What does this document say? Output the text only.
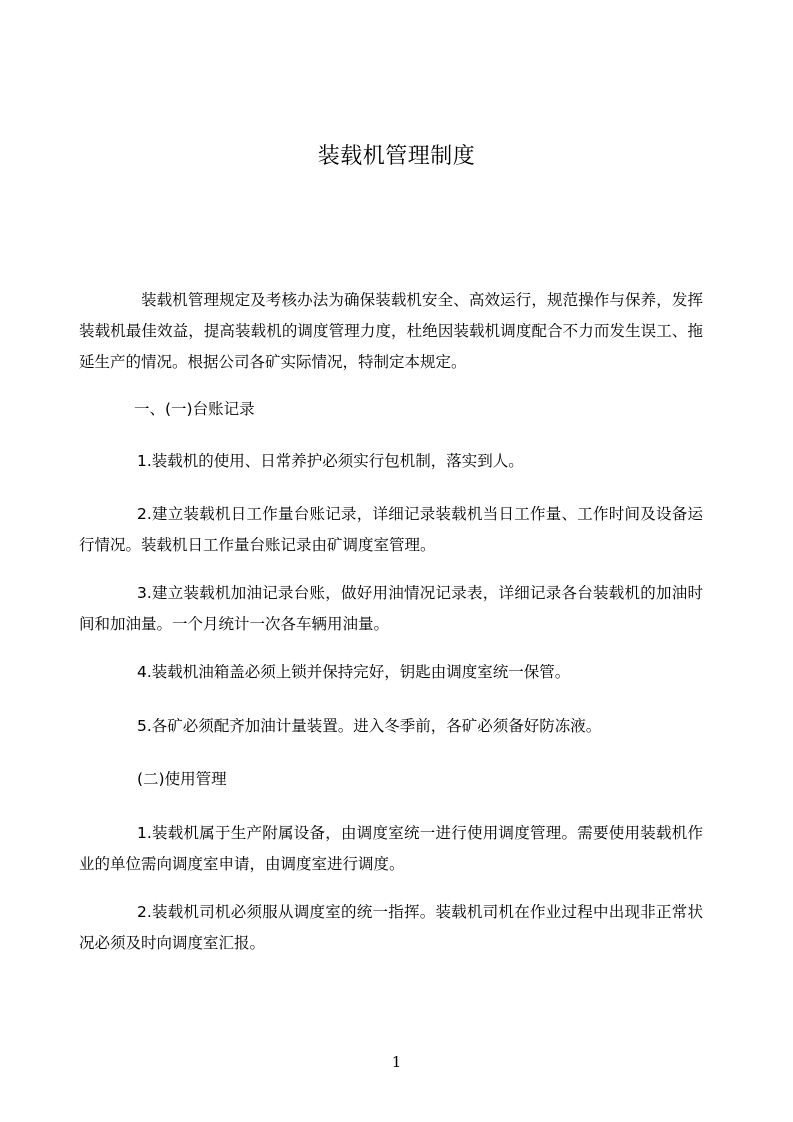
装载机管理制度

装载机管理规定及考核办法为确保装载机安全、高效运行，规范操作与保养，发挥装载机最佳效益，提高装载机的调度管理力度，杜绝因装载机调度配合不力而发生误工、拖延生产的情况。根据公司各矿实际情况，特制定本规定。

一、(一)台账记录

1.装载机的使用、日常养护必须实行包机制，落实到人。

2.建立装载机日工作量台账记录，详细记录装载机当日工作量、工作时间及设备运行情况。装载机日工作量台账记录由矿调度室管理。

3.建立装载机加油记录台账，做好用油情况记录表，详细记录各台装载机的加油时间和加油量。一个月统计一次各车辆用油量。

4.装载机油箱盖必须上锁并保持完好，钥匙由调度室统一保管。

5.各矿必须配齐加油计量装置。进入冬季前，各矿必须备好防冻液。

(二)使用管理

1.装载机属于生产附属设备，由调度室统一进行使用调度管理。需要使用装载机作业的单位需向调度室申请，由调度室进行调度。

2.装载机司机必须服从调度室的统一指挥。装载机司机在作业过程中出现非正常状况必须及时向调度室汇报。

1
